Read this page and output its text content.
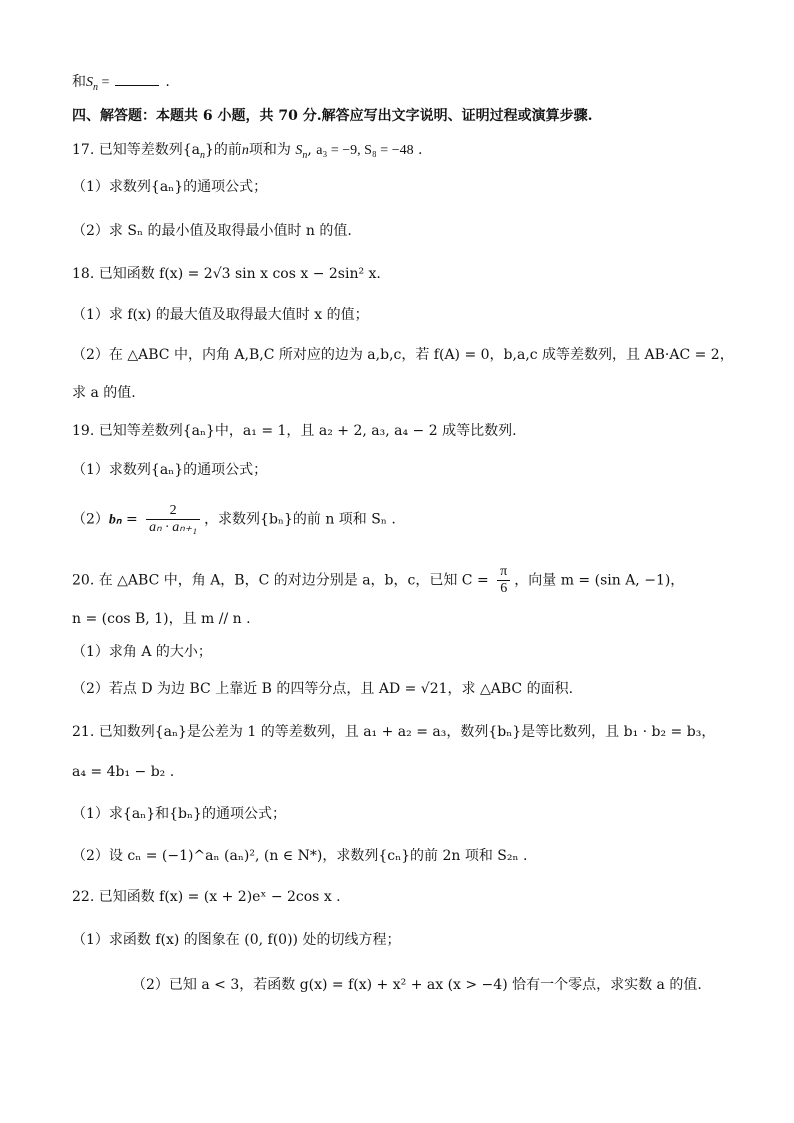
和$S_n$ =	.
四、解答题：本题共 6 小题，共 70 分.解答应写出文字说明、证明过程或演算步骤.
17. 已知等差数列$\{a_n\}$的前n项和为 $S_n$, a₃ = −9, S₈ = −48 .
（1）求数列{aₙ}的通项公式；
（2）求 Sₙ 的最小值及取得最小值时 n 的值.
18. 已知函数 f(x) = 2√3 sin x cos x − 2sin² x.
（1）求 f(x) 的最大值及取得最大值时 x 的值；
（2）在 △ABC 中，内角 A,B,C 所对应的边为 a,b,c，若 f(A) = 0，b,a,c 成等差数列，且 AB·AC = 2，
求 a 的值.
19. 已知等差数列{aₙ}中，a₁ = 1，且 a₂ + 2, a₃, a₄ − 2 成等比数列.
（1）求数列{aₙ}的通项公式；
$(2)b_n = \frac{2}{\text{aₙ · aₙ₊₁}}$ ，求数列{bₙ}的前 n 项和 Sₙ .
20. 在 △ABC 中，角 A，B，C 的对边分别是 a，b，c，已知 $C = \frac{\pi}{6}$ ，向量 m = (sin A, −1)，
n = (cos B, 1)，且 m // n .
（1）求角 A 的大小；
（2）若点 D 为边 BC 上靠近 B 的四等分点，且 AD = √21，求 △ABC 的面积.
21. 已知数列{aₙ}是公差为 1 的等差数列，且 a₁ + a₂ = a₃，数列{bₙ}是等比数列，且 b₁ · b₂ = b₃，
a₄ = 4b₁ − b₂ .
（1）求{aₙ}和{bₙ}的通项公式；
（2）设 cₙ = (−1)^aₙ (aₙ)², (n ∈ N*)，求数列{cₙ}的前 2n 项和 S₂ₙ .
22. 已知函数 f(x) = (x + 2)eˣ − 2cos x .
（1）求函数 f(x) 的图象在 (0, f(0)) 处的切线方程；
（2）已知 a < 3，若函数 g(x) = f(x) + x² + ax (x > −4) 恰有一个零点，求实数 a 的值.
